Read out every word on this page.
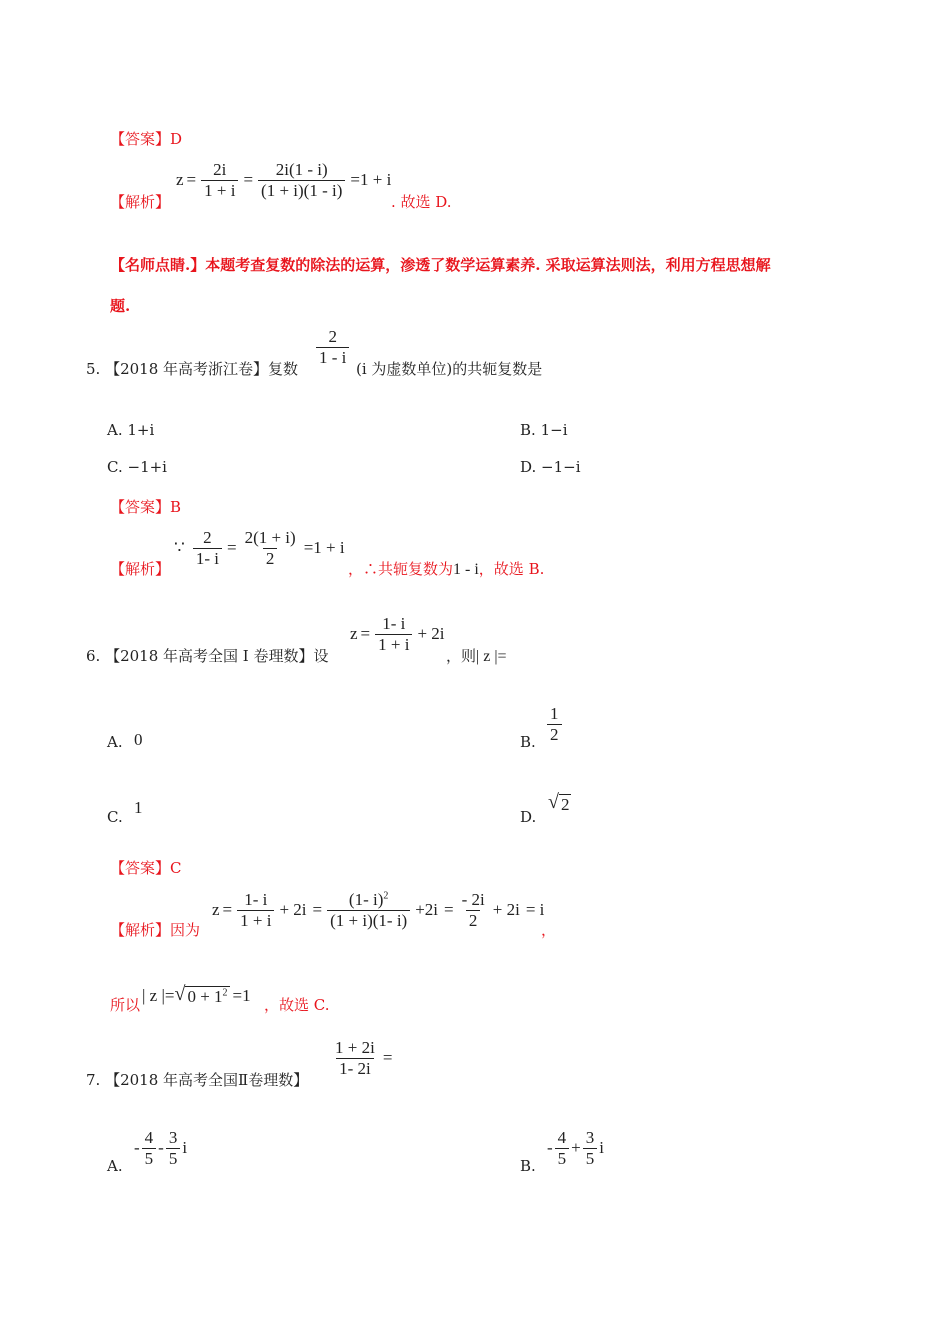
【答案】D
【解析】
$z = \frac{2i}{1 + i} = \frac{2i(1 - i)}{(1 + i)(1 - i)} =1 + i$
. 故选 D.
【名师点睛.】本题考查复数的除法的运算，渗透了数学运算素养. 采取运算法则法，利用方程思想解
题.
5. 【2018 年高考浙江卷】复数
$\frac{2}{1 - i}$
(i 为虚数单位)的共轭复数是
A. 1+i	B. 1−i
C. −1+i	D. −1−i
【答案】B
【解析】
∵ $\frac{2}{1- i} = \frac{2(1 + i)}{2} =1 + i$
，∴共轭复数为1 - i，故选 B.
6. 【2018 年高考全国 I 卷理数】设
$z = \frac{1- i}{1 + i} + 2i$
，则| z |=
A. 0	B. $\frac{1}{2}$
C. 1	D.
√ 2
【答案】C
【解析】因为
$z = \frac{1- i}{1 + i} + 2i = \frac{(1- i)^2}{(1 + i)(1- i)} +2i = \frac{- 2i}{2} + 2i = i$
，
所以
| z |= √ $0 + 1^2 =1$
，故选 C.
7. 【2018 年高考全国Ⅱ卷理数】
$\frac{1 + 2i}{1- 2i}$ =
A.
- $\frac{4}{5} - \frac{3}{5}$ i
B.
- $\frac{4}{5} + \frac{3}{5}$ i
